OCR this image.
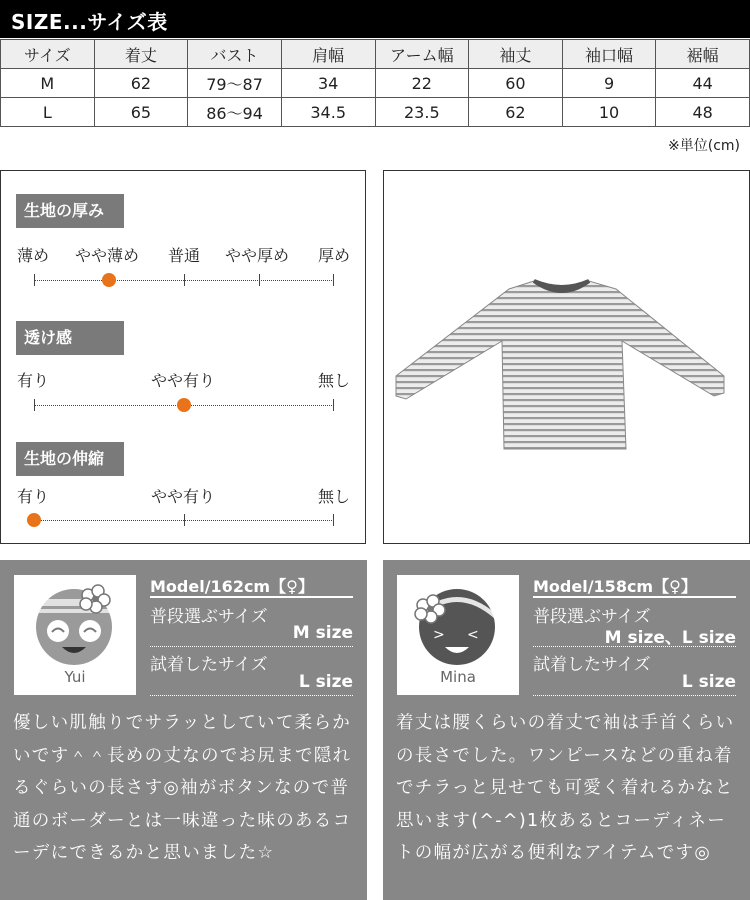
SIZE...サイズ表
サイズ	着丈	バスト	肩幅	アーム幅	袖丈	袖口幅	裾幅
M	62	79〜87	34	22	60	9	44
L	65	86〜94	34.5	23.5	62	10	48
※単位(cm)
生地の厚み
薄め やや薄め 普通 やや厚め 厚め
透け感
有り	やや有り	無し
生地の伸縮
有り	やや有り	無し
Yui
Model/162cm【♀】
普段選ぶサイズ
M size
試着したサイズ
L size
優しい肌触りでサラッとしていて柔らかいです＾＾長めの丈なのでお尻まで隠れるぐらいの長さす◎袖がボタンなので普通のボーダーとは一味違った味のあるコーデにできるかと思いました☆
> <
Mina
Model/158cm【♀】
普段選ぶサイズ
M size、L size
試着したサイズ
L size
着丈は腰くらいの着丈で袖は手首くらいの長さでした。ワンピースなどの重ね着でチラっと見せても可愛く着れるかなと思います(^-^)1枚あるとコーディネートの幅が広がる便利なアイテムです◎
